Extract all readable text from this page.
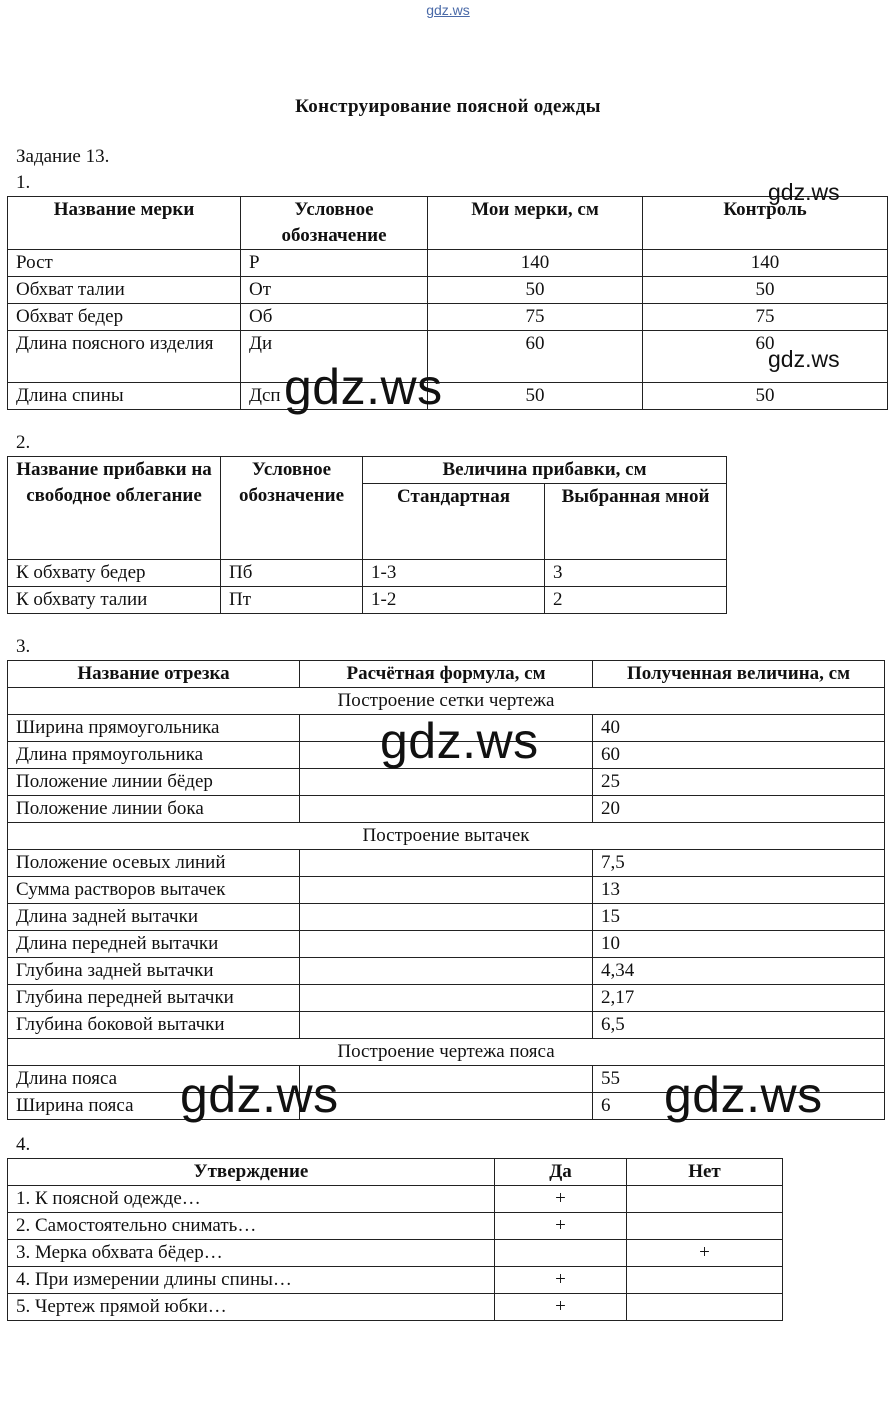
gdz.ws
Конструирование поясной одежды
Задание 13.
1.
Название мерки	Условное обозначение	Мои мерки, см	Контроль
Рост	Р	140	140
Обхват талии	От	50	50
Обхват бедер	Об	75	75
Длина поясного изделия	Ди	60	60
Длина спины	Дсп	50	50
2.
Название прибавки на свободное облегание	Условное обозначение	Величина прибавки, см	
		Стандартная	Выбранная мной
К обхвату бедер	Пб	1-3	3
К обхвату талии	Пт	1-2	2
3.
Название отрезка	Расчётная формула, см	Полученная величина, см
Построение сетки чертежа		
Ширина прямоугольника		40
Длина прямоугольника		60
Положение линии бёдер		25
Положение линии бока		20
Построение вытачек		
Положение осевых линий		7,5
Сумма растворов вытачек		13
Длина задней вытачки		15
Длина передней вытачки		10
Глубина задней вытачки		4,34
Глубина передней вытачки		2,17
Глубина боковой вытачки		6,5
Построение чертежа пояса		
Длина пояса		55
Ширина пояса		6
4.
Утверждение	Да	Нет
1. К поясной одежде…	+	
2. Самостоятельно снимать…	+	
3. Мерка обхвата бёдер…		+
4. При измерении длины спины…	+	
5. Чертеж прямой юбки…	+	
gdz.ws
gdz.ws
gdz.ws
gdz.ws
gdz.ws	gdz.ws
